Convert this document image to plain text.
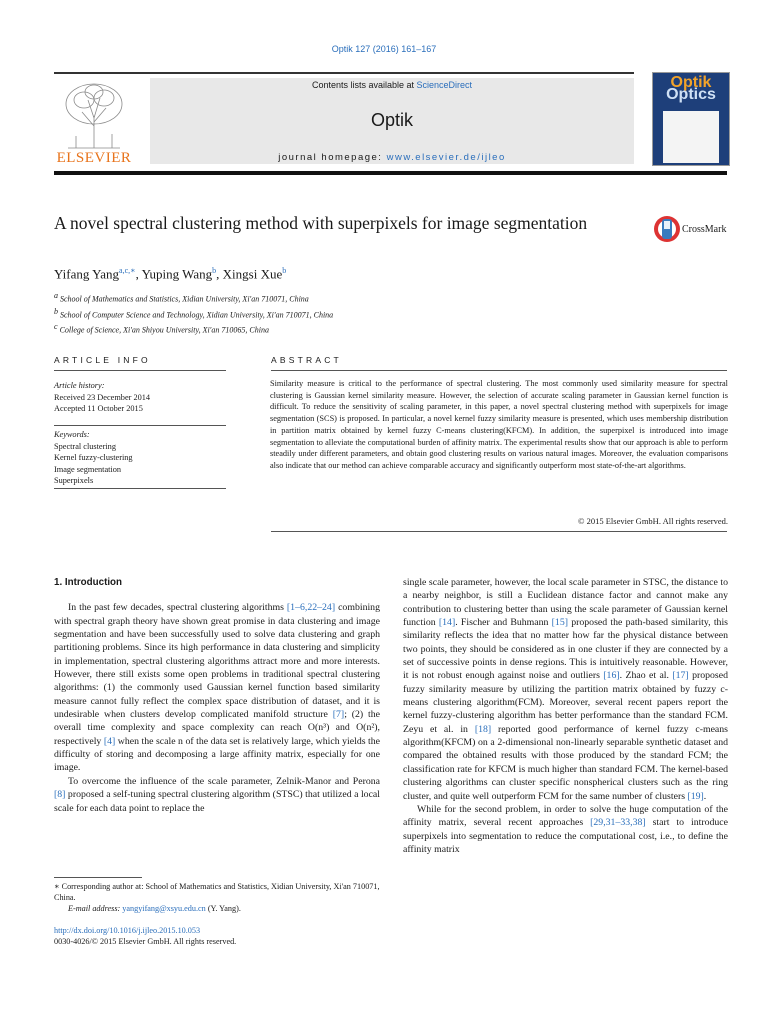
Optik 127 (2016) 161–167
ELSEVIER
Contents lists available at ScienceDirect
Optik
journal homepage: www.elsevier.de/ijleo
Optik
Optics
A novel spectral clustering method with superpixels for image segmentation	CrossMark
Yifang Yang$^{a,c,∗}$, Yuping Wang$^b$, Xingsi Xue$^b$
$^a$ School of Mathematics and Statistics, Xidian University, Xi'an 710071, China
$^b$ School of Computer Science and Technology, Xidian University, Xi'an 710071, China
$^c$ College of Science, Xi'an Shiyou University, Xi'an 710065, China
ARTICLE INFO	ABSTRACT
Article history:
Received 23 December 2014
Accepted 11 October 2015
Keywords:
Spectral clustering
Kernel fuzzy-clustering
Image segmentation
Superpixels
Similarity measure is critical to the performance of spectral clustering. The most commonly used similarity measure for spectral clustering is Gaussian kernel similarity measure. However, the selection of accurate scaling parameter in Gaussian kernel function is difficult. To reduce the sensitivity of scaling parameter, in this paper, a novel spectral clustering method with superpixels for image segmentation (SCS) is proposed. In particular, a novel kernel fuzzy similarity measure is presented, which uses membership distribution in partition matrix obtained by kernel fuzzy C-means clustering(KFCM). In addition, the superpixel is introduced into image segmentation to alleviate the computational burden of affinity matrix. The experimental results show that our approach is able to perform steadily under different parameters, and obtain good clustering results on various natural images. Moreover, the evaluation comparisons also indicate that our method can achieve comparable accuracy and significantly outperform most state-of-the-art algorithms.
© 2015 Elsevier GmbH. All rights reserved.

1. Introduction

In the past few decades, spectral clustering algorithms [1–6,22–24] combining with spectral graph theory have shown great promise in data clustering and image segmentation and have been successfully used to solve data clustering and graph partitioning problems. Since its high performance in data clustering and simplicity in implementation, spectral clustering algorithms attract more and more interests. However, there still exists some open problems in traditional spectral clustering algorithms: (1) the commonly used Gaussian kernel function based similarity measure cannot fully reflect the complex space distribution of dataset, and it is undesirable when clusters develop complicated manifold structure [7]; (2) the overall time complexity and space complexity can reach O(n³) and O(n²), respectively [4] when the scale n of the data set is relatively large, which yields the difficulty of storing and decomposing a large affinity matrix, especially for one image.

To overcome the influence of the scale parameter, Zelnik-Manor and Perona [8] proposed a self-tuning spectral clustering algorithm (STSC) that utilized a local scale for each data point to replace the

single scale parameter, however, the local scale parameter in STSC, the distance to a nearby neighbor, is still a Euclidean distance factor and cannot make any contribution to clustering better than using the scale parameter of Gaussian kernel function [14]. Fischer and Buhmann [15] proposed the path-based similarity, this similarity reflects the idea that no matter how far the physical distance between two points, they should be considered as in one cluster if they are connected by a set of successive points in dense regions. This is intuitively reasonable. However, it is not robust enough against noise and outliers [16]. Zhao et al. [17] proposed fuzzy similarity measure by utilizing the partition matrix obtained by fuzzy c-means clustering algorithm(FCM). Moreover, several recent papers report the kernel fuzzy-clustering algorithm has better performance than the standard FCM. Zeyu et al. in [18] reported good performance of kernel fuzzy c-means algorithm(KFCM) on a 2-dimensional non-linearly separable synthetic dataset and compared the obtained results with those produced by the standard FCM; the classification rate for KFCM is much higher than standard FCM. The kernel-based clustering algorithms can cluster specific nonspherical clusters such as the ring cluster, and quite well outperform FCM for the same number of clusters [19].

While for the second problem, in order to solve the huge computation of the affinity matrix, several recent approaches [29,31–33,38] start to introduce superpixels into segmentation to reduce the computational cost, i.e., to define the affinity matrix

∗ Corresponding author at: School of Mathematics and Statistics, Xidian University, Xi'an 710071, China.
E-mail address: yangyifang@xsyu.edu.cn (Y. Yang).
http://dx.doi.org/10.1016/j.ijleo.2015.10.053
0030-4026/© 2015 Elsevier GmbH. All rights reserved.
